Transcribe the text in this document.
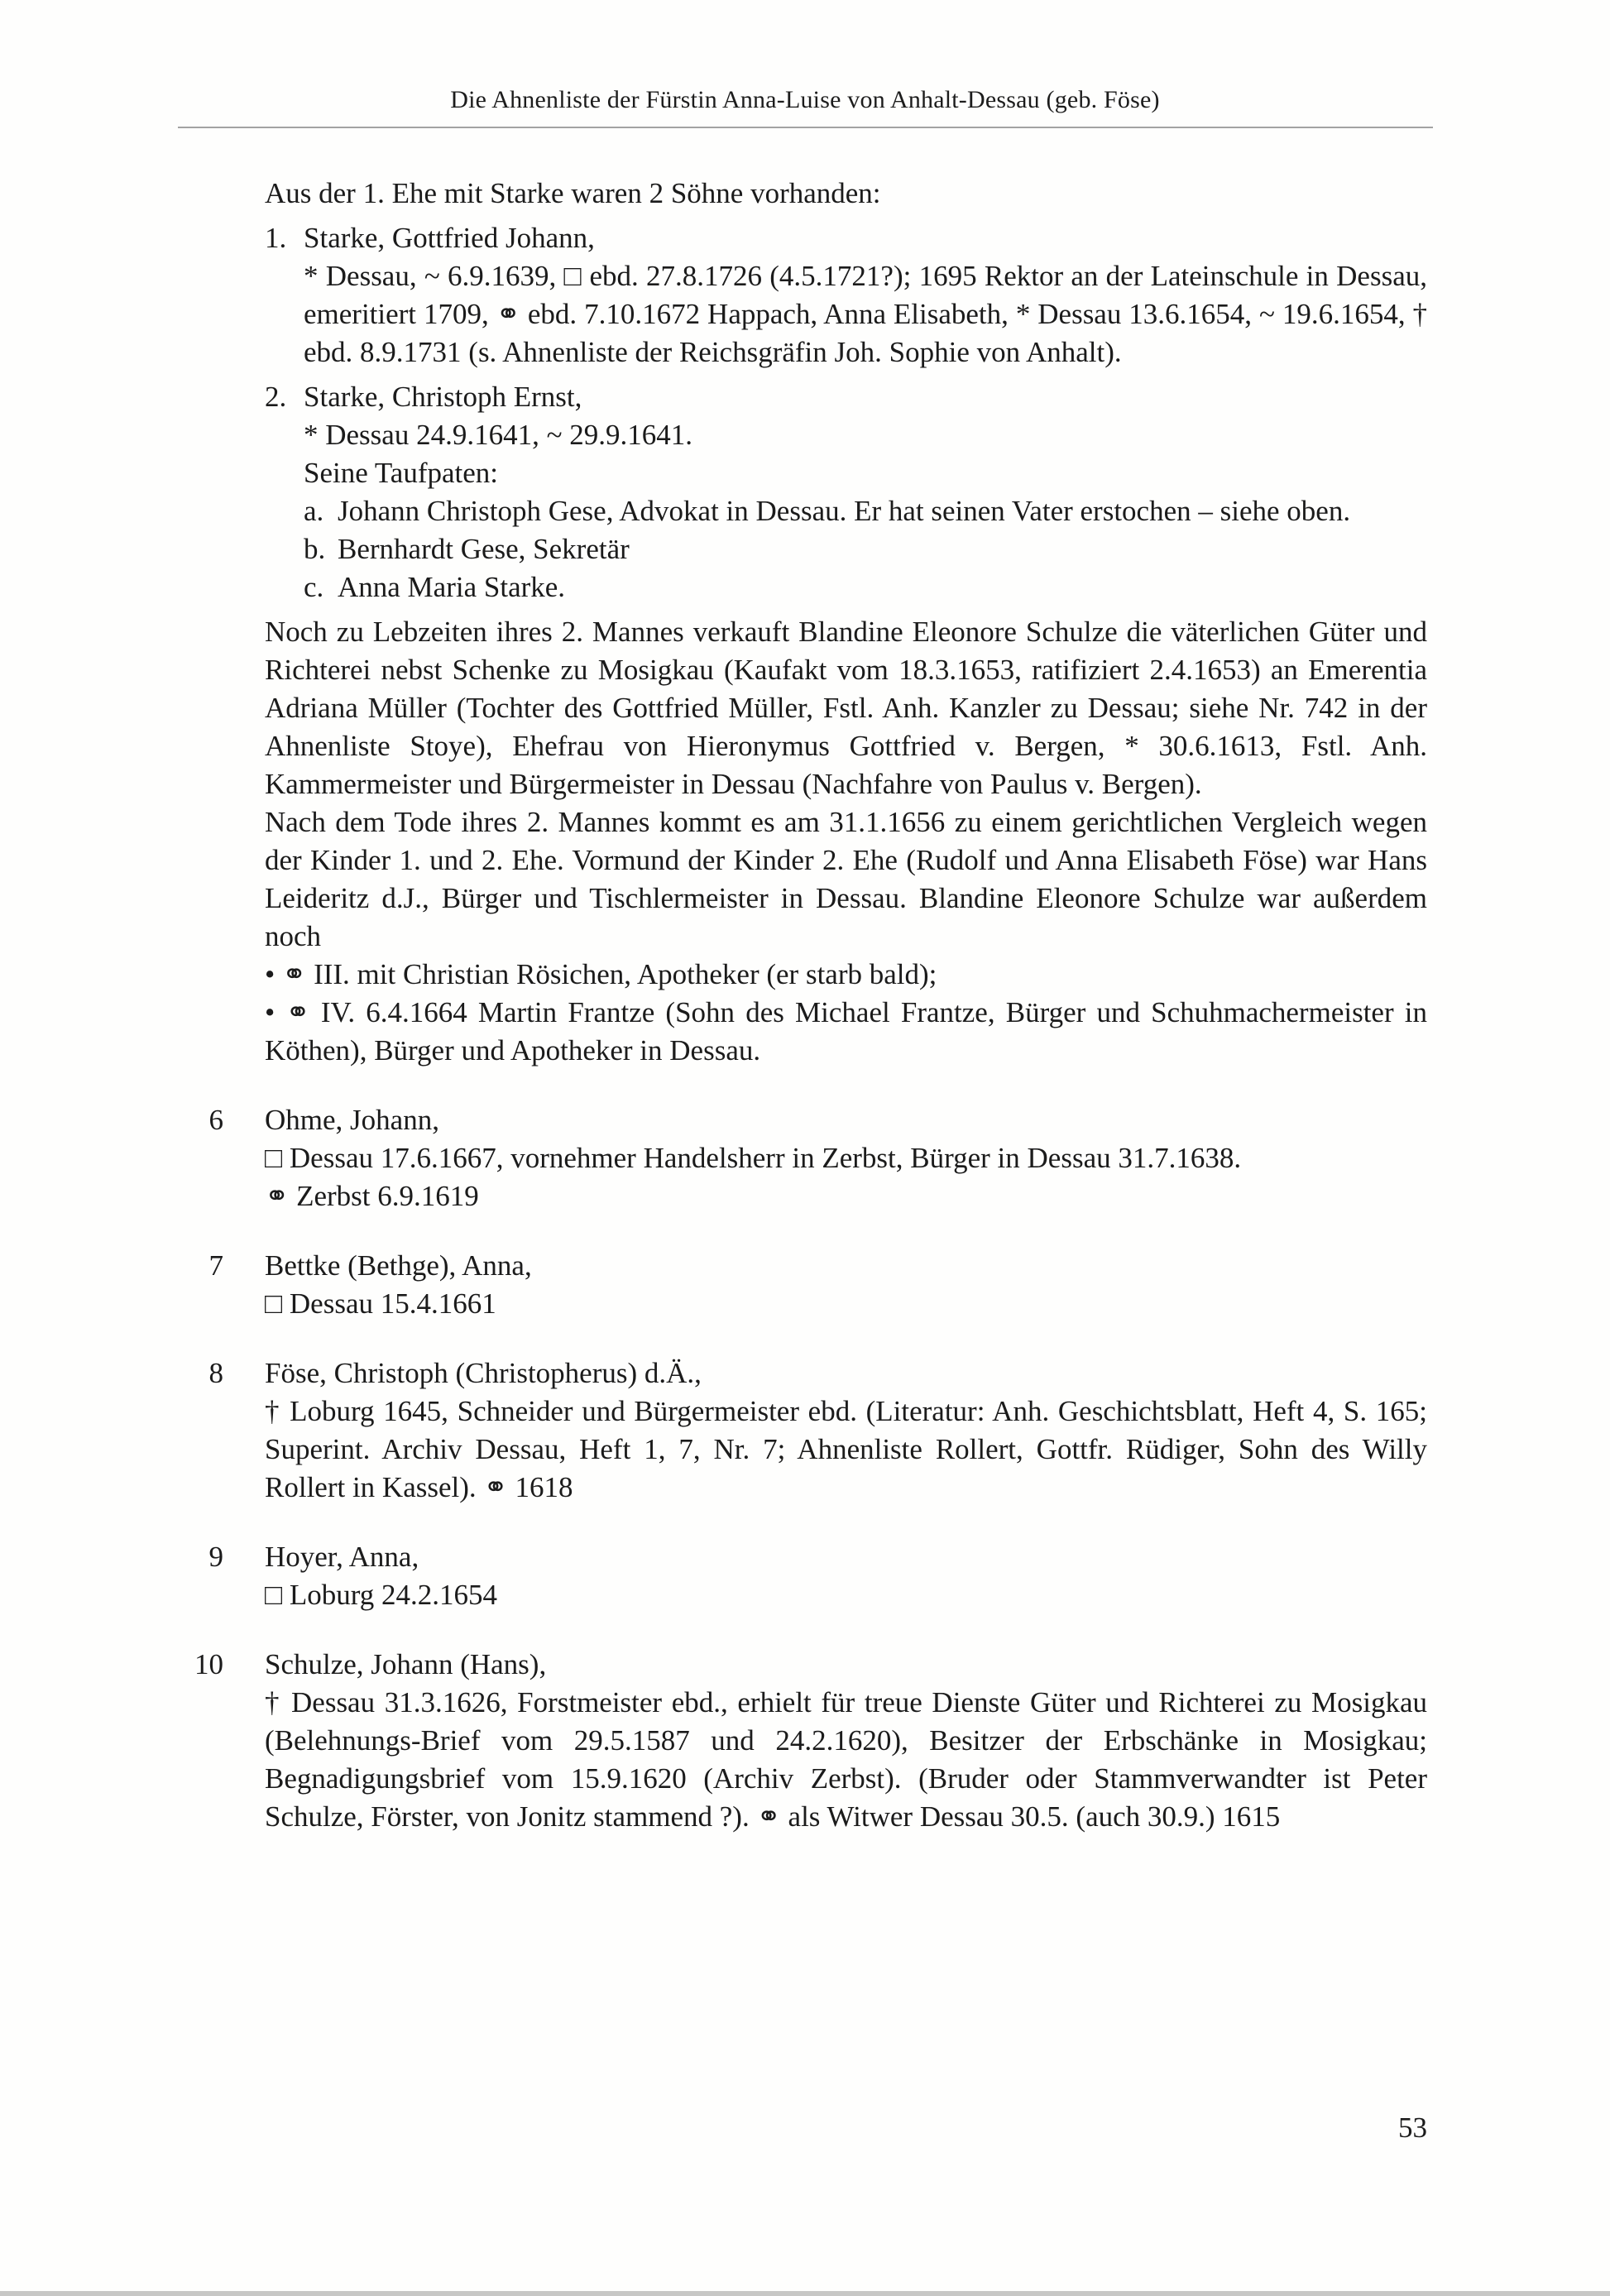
Die Ahnenliste der Fürstin Anna-Luise von Anhalt-Dessau (geb. Föse)

Aus der 1. Ehe mit Starke waren 2 Söhne vorhanden:

1. Starke, Gottfried Johann,
* Dessau, ~ 6.9.1639, □ ebd. 27.8.1726 (4.5.1721?); 1695 Rektor an der Lateinschule in Dessau, emeritiert 1709, ⚭ ebd. 7.10.1672 Happach, Anna Elisabeth, * Dessau 13.6.1654, ~ 19.6.1654, † ebd. 8.9.1731 (s. Ahnenliste der Reichsgräfin Joh. Sophie von Anhalt).
2. Starke, Christoph Ernst,
* Dessau 24.9.1641, ~ 29.9.1641.
Seine Taufpaten:
a. Johann Christoph Gese, Advokat in Dessau. Er hat seinen Vater erstochen – siehe oben.
b. Bernhardt Gese, Sekretär
c. Anna Maria Starke.

Noch zu Lebzeiten ihres 2. Mannes verkauft Blandine Eleonore Schulze die väterlichen Güter und Richterei nebst Schenke zu Mosigkau (Kaufakt vom 18.3.1653, ratifiziert 2.4.1653) an Emerentia Adriana Müller (Tochter des Gottfried Müller, Fstl. Anh. Kanzler zu Dessau; siehe Nr. 742 in der Ahnenliste Stoye), Ehefrau von Hieronymus Gottfried v. Bergen, * 30.6.1613, Fstl. Anh. Kammermeister und Bürgermeister in Dessau (Nachfahre von Paulus v. Bergen).

Nach dem Tode ihres 2. Mannes kommt es am 31.1.1656 zu einem gerichtlichen Vergleich wegen der Kinder 1. und 2. Ehe. Vormund der Kinder 2. Ehe (Rudolf und Anna Elisabeth Föse) war Hans Leideritz d.J., Bürger und Tischlermeister in Dessau. Blandine Eleonore Schulze war außerdem noch

• ⚭ III. mit Christian Rösichen, Apotheker (er starb bald);

• ⚭ IV. 6.4.1664 Martin Frantze (Sohn des Michael Frantze, Bürger und Schuhmachermeister in Köthen), Bürger und Apotheker in Dessau.

6 Ohme, Johann,
□ Dessau 17.6.1667, vornehmer Handelsherr in Zerbst, Bürger in Dessau 31.7.1638.
⚭ Zerbst 6.9.1619
7 Bettke (Bethge), Anna,
□ Dessau 15.4.1661
8 Föse, Christoph (Christopherus) d.Ä.,
† Loburg 1645, Schneider und Bürgermeister ebd. (Literatur: Anh. Geschichtsblatt, Heft 4, S. 165; Superint. Archiv Dessau, Heft 1, 7, Nr. 7; Ahnenliste Rollert, Gottfr. Rüdiger, Sohn des Willy Rollert in Kassel). ⚭ 1618
9 Hoyer, Anna,
□ Loburg 24.2.1654
10 Schulze, Johann (Hans),
† Dessau 31.3.1626, Forstmeister ebd., erhielt für treue Dienste Güter und Richterei zu Mosigkau (Belehnungs-Brief vom 29.5.1587 und 24.2.1620), Besitzer der Erbschänke in Mosigkau; Begnadigungsbrief vom 15.9.1620 (Archiv Zerbst). (Bruder oder Stammverwandter ist Peter Schulze, Förster, von Jonitz stammend ?). ⚭ als Witwer Dessau 30.5. (auch 30.9.) 1615
53
